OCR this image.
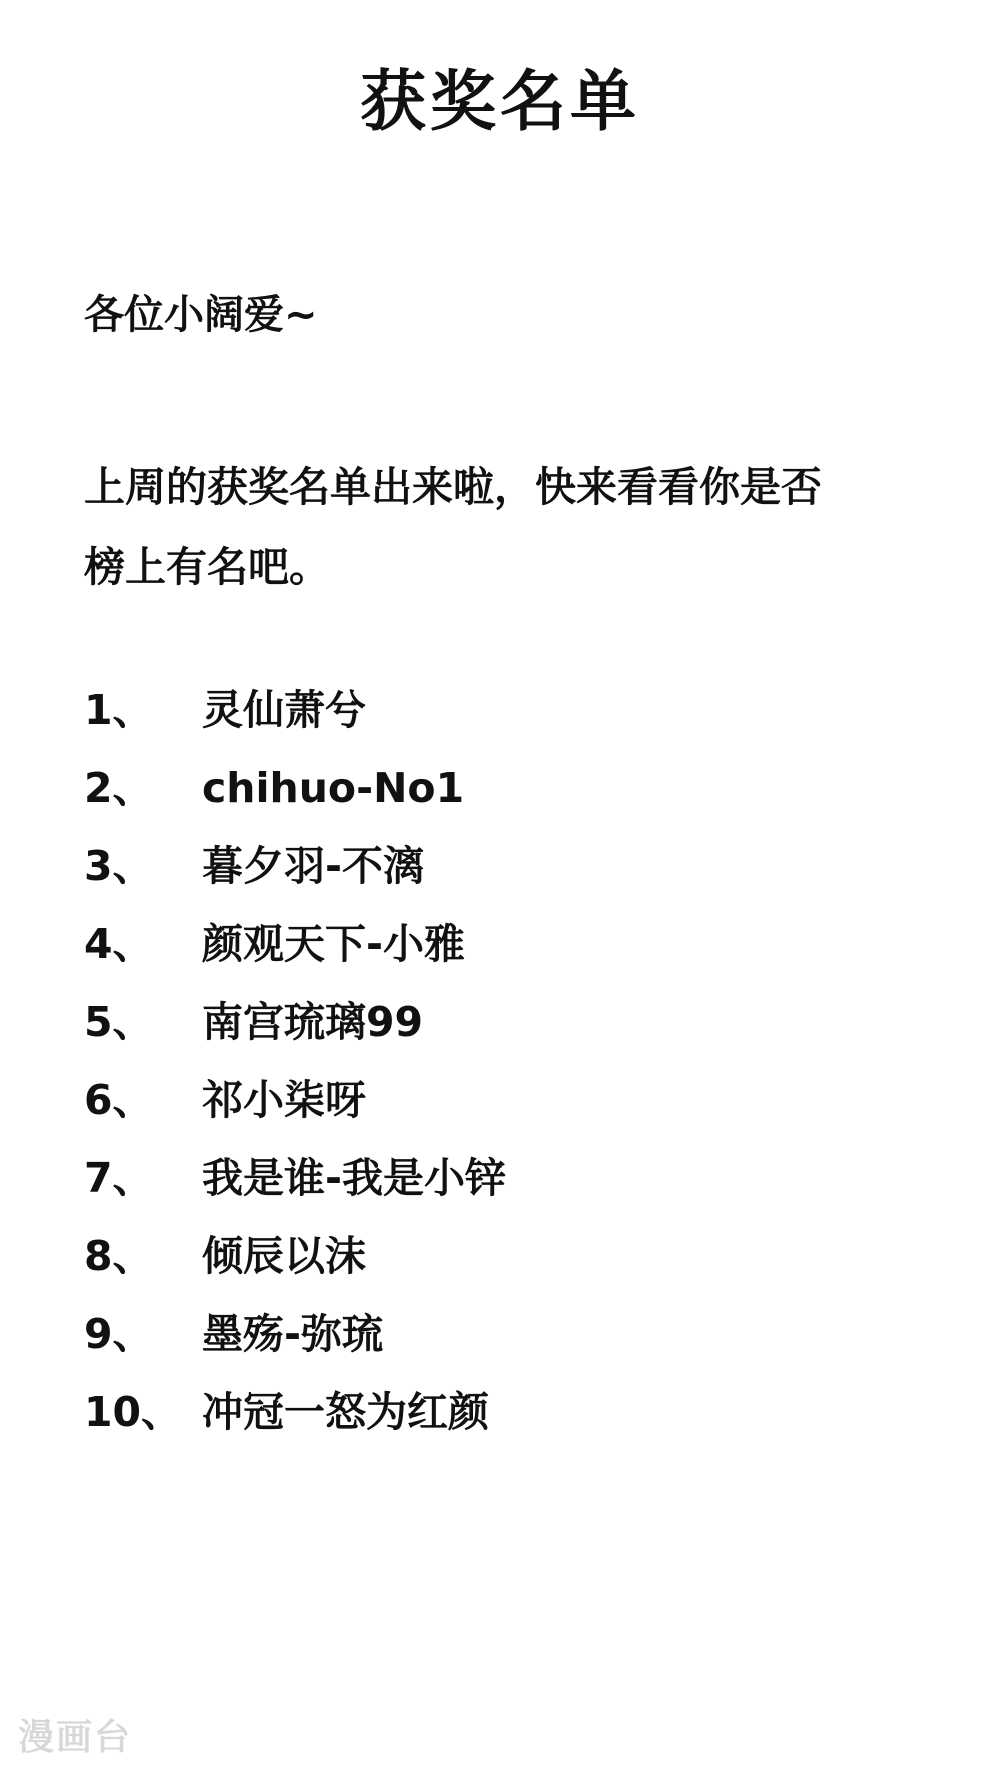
获奖名单
各位小阔爱~
上周的获奖名单出来啦，快来看看你是否榜上有名吧。
1、	灵仙萧兮
2、	chihuo-No1
3、	暮夕羽-不漓
4、	颜观天下-小雅
5、	南宫琉璃99
6、	祁小柒呀
7、	我是谁-我是小锌
8、	倾辰以沫
9、	墨殇-弥琉
10、 冲冠一怒为红颜
漫画台
